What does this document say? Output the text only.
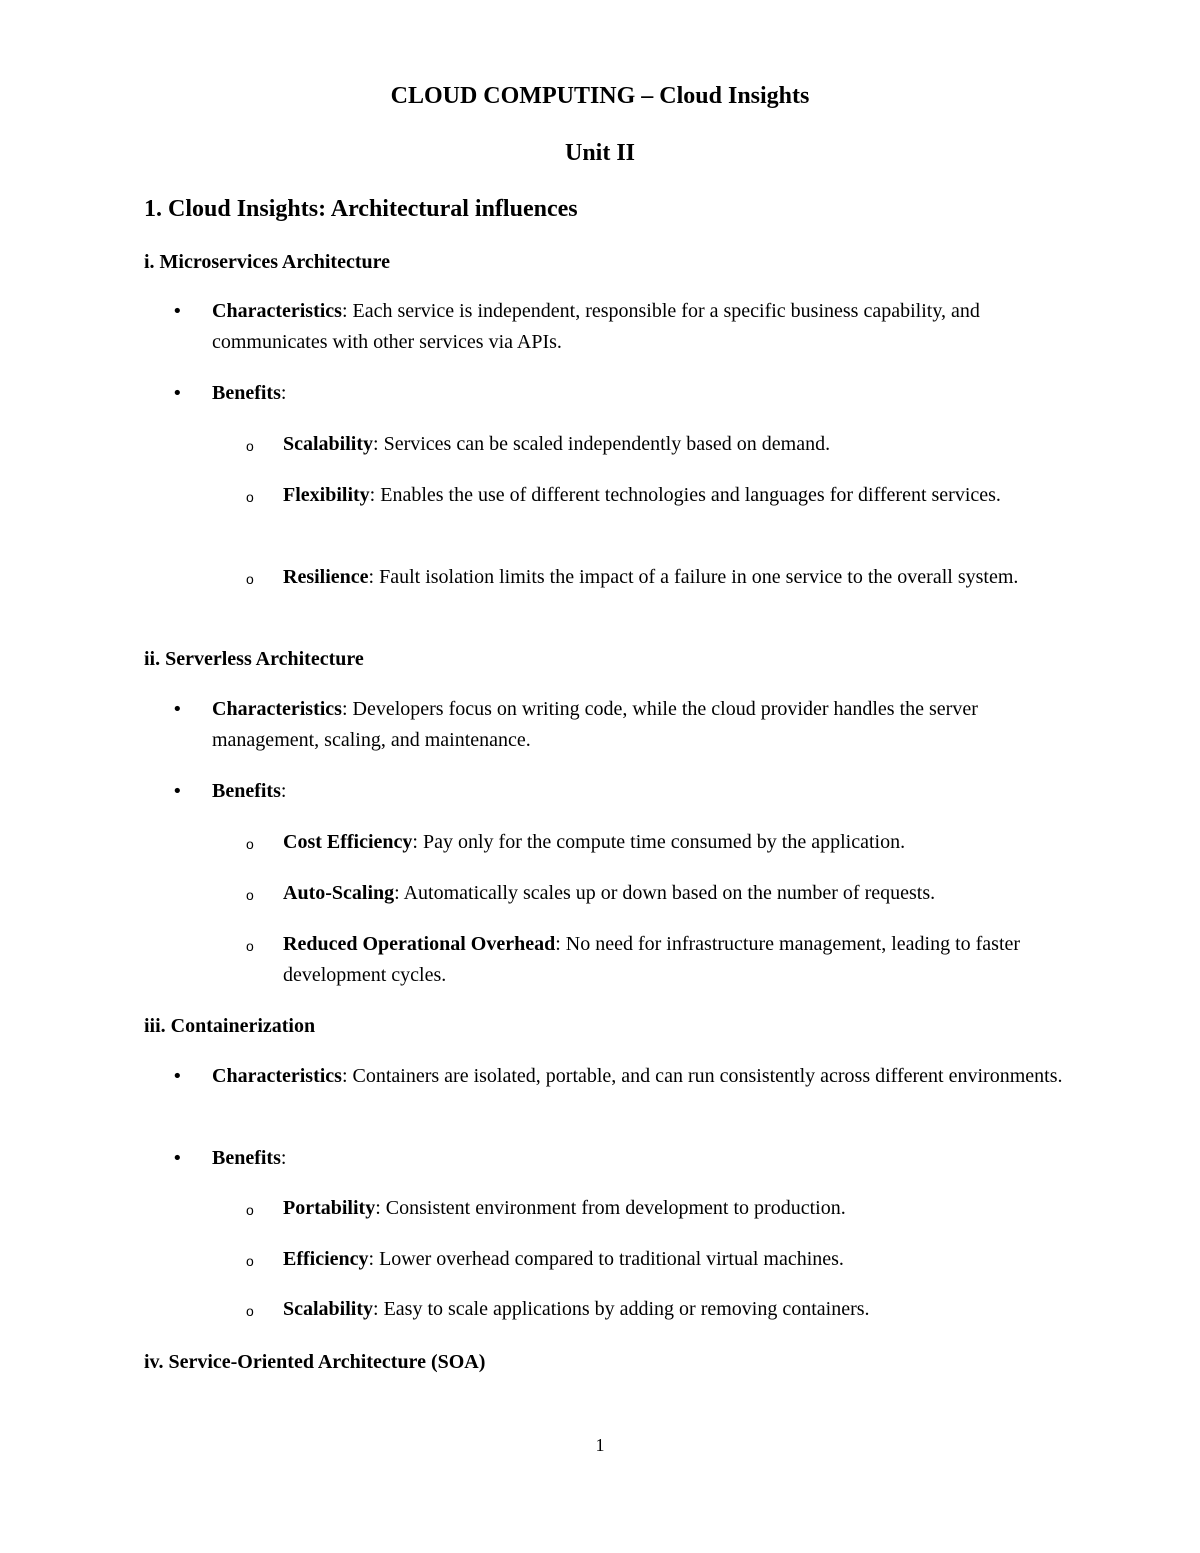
CLOUD COMPUTING – Cloud Insights
Unit II
1. Cloud Insights: Architectural influences
i. Microservices Architecture
• Characteristics: Each service is independent, responsible for a specific business capability, and communicates with other services via APIs.
• Benefits:
o Scalability: Services can be scaled independently based on demand.
o Flexibility: Enables the use of different technologies and languages for different services.
o Resilience: Fault isolation limits the impact of a failure in one service to the overall system.
ii. Serverless Architecture
• Characteristics: Developers focus on writing code, while the cloud provider handles the server management, scaling, and maintenance.
• Benefits:
o Cost Efficiency: Pay only for the compute time consumed by the application.
o Auto-Scaling: Automatically scales up or down based on the number of requests.
o Reduced Operational Overhead: No need for infrastructure management, leading to faster development cycles.
iii. Containerization
• Characteristics: Containers are isolated, portable, and can run consistently across different environments.
• Benefits:
o Portability: Consistent environment from development to production.
o Efficiency: Lower overhead compared to traditional virtual machines.
o Scalability: Easy to scale applications by adding or removing containers.
iv. Service-Oriented Architecture (SOA)
1
